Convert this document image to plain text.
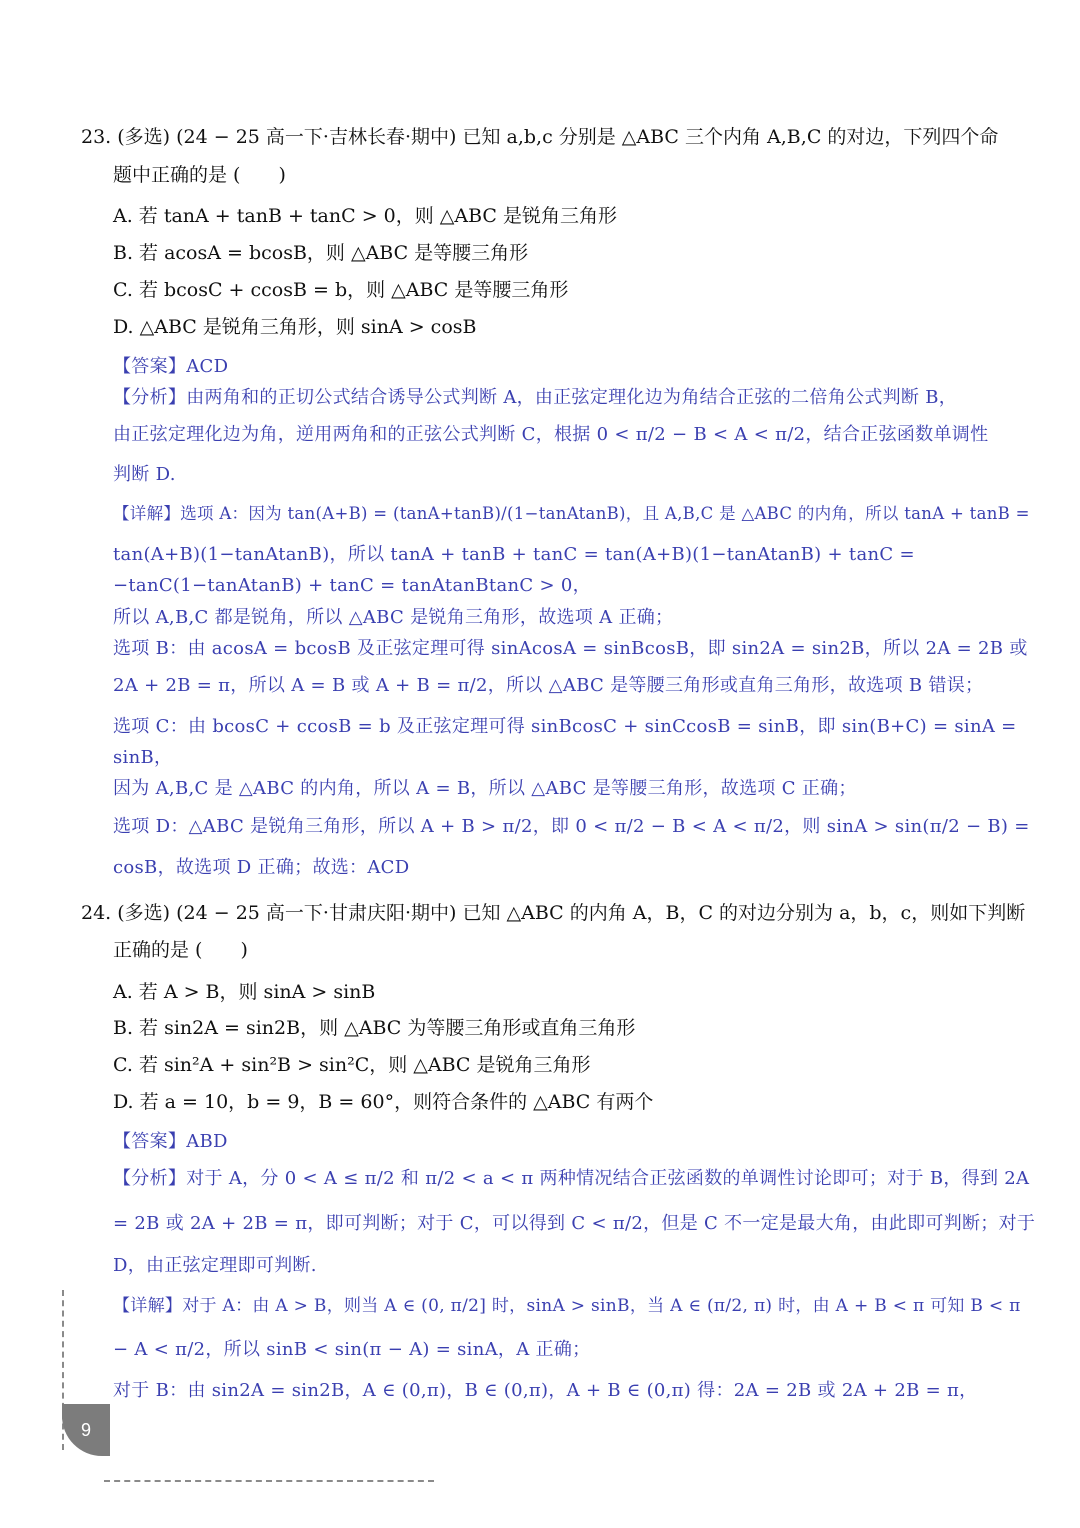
23. (多选) (24 − 25 高一下·吉林长春·期中) 已知 a,b,c 分别是 △ABC 三个内角 A,B,C 的对边，下列四个命
题中正确的是 (　　)
A. 若 tanA + tanB + tanC > 0，则 △ABC 是锐角三角形
B. 若 acosA = bcosB，则 △ABC 是等腰三角形
C. 若 bcosC + ccosB = b，则 △ABC 是等腰三角形
D. △ABC 是锐角三角形，则 sinA > cosB
【答案】ACD
【分析】由两角和的正切公式结合诱导公式判断 A，由正弦定理化边为角结合正弦的二倍角公式判断 B，
由正弦定理化边为角，逆用两角和的正弦公式判断 C，根据 0 < π/2 − B < A < π/2，结合正弦函数单调性
判断 D.
【详解】选项 A：因为 tan(A+B) = (tanA+tanB)/(1−tanAtanB)，且 A,B,C 是 △ABC 的内角，所以 tanA + tanB =
tan(A+B)(1−tanAtanB)，所以 tanA + tanB + tanC = tan(A+B)(1−tanAtanB) + tanC =
−tanC(1−tanAtanB) + tanC = tanAtanBtanC > 0，
所以 A,B,C 都是锐角，所以 △ABC 是锐角三角形，故选项 A 正确；
选项 B：由 acosA = bcosB 及正弦定理可得 sinAcosA = sinBcosB，即 sin2A = sin2B，所以 2A = 2B 或
2A + 2B = π，所以 A = B 或 A + B = π/2，所以 △ABC 是等腰三角形或直角三角形，故选项 B 错误；
选项 C：由 bcosC + ccosB = b 及正弦定理可得 sinBcosC + sinCcosB = sinB，即 sin(B+C) = sinA =
sinB，
因为 A,B,C 是 △ABC 的内角，所以 A = B，所以 △ABC 是等腰三角形，故选项 C 正确；
选项 D：△ABC 是锐角三角形，所以 A + B > π/2，即 0 < π/2 − B < A < π/2，则 sinA > sin(π/2 − B) =
cosB，故选项 D 正确；故选：ACD
24. (多选) (24 − 25 高一下·甘肃庆阳·期中) 已知 △ABC 的内角 A，B，C 的对边分别为 a，b，c，则如下判断
正确的是 (　　)
A. 若 A > B，则 sinA > sinB
B. 若 sin2A = sin2B，则 △ABC 为等腰三角形或直角三角形
C. 若 sin²A + sin²B > sin²C，则 △ABC 是锐角三角形
D. 若 a = 10，b = 9，B = 60°，则符合条件的 △ABC 有两个
【答案】ABD
【分析】对于 A，分 0 < A ≤ π/2 和 π/2 < a < π 两种情况结合正弦函数的单调性讨论即可；对于 B，得到 2A
= 2B 或 2A + 2B = π，即可判断；对于 C，可以得到 C < π/2，但是 C 不一定是最大角，由此即可判断；对于
D，由正弦定理即可判断.
【详解】对于 A：由 A > B，则当 A ∈ (0, π/2] 时，sinA > sinB，当 A ∈ (π/2, π) 时，由 A + B < π 可知 B < π
− A < π/2，所以 sinB < sin(π − A) = sinA，A 正确；
对于 B：由 sin2A = sin2B，A ∈ (0,π)，B ∈ (0,π)，A + B ∈ (0,π) 得：2A = 2B 或 2A + 2B = π，
9
